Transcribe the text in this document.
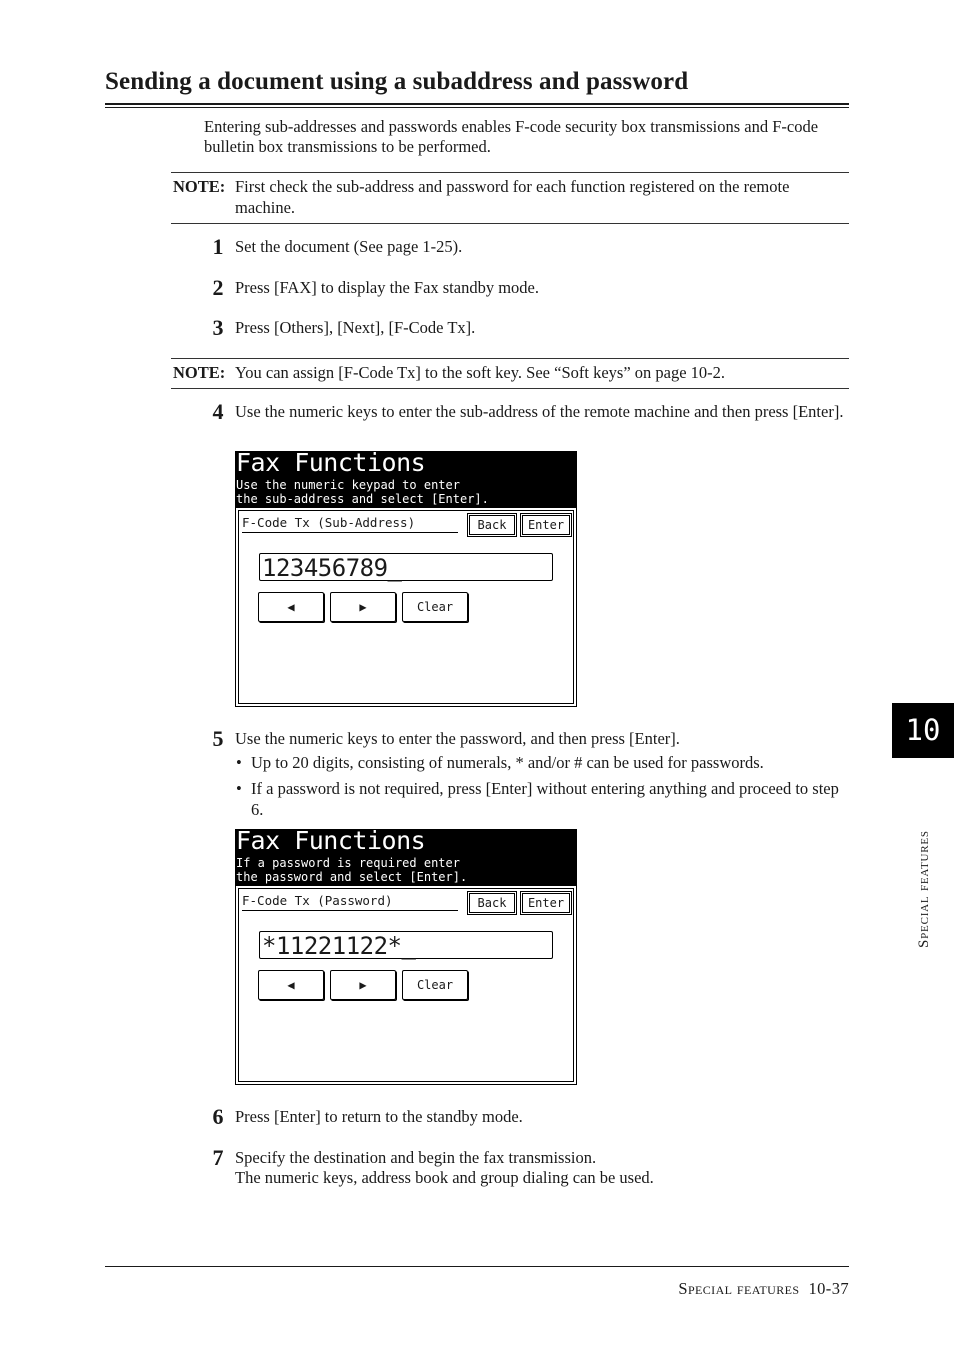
Sending a document using a subaddress and password
Entering sub-addresses and passwords enables F-code security box transmissions and F-code bulletin box transmissions to be performed.
NOTE: First check the sub-address and password for each function registered on the remote machine.
1 Set the document (See page 1-25).
2 Press [FAX] to display the Fax standby mode.
3 Press [Others], [Next], [F-Code Tx].
NOTE: You can assign [F-Code Tx] to the soft key. See “Soft keys” on page 10-2.
4 Use the numeric keys to enter the sub-address of the remote machine and then press [Enter].
Fax Functions
Use the numeric keypad to enter
the sub-address and select [Enter].
F-Code Tx (Sub-Address)	Back	Enter
123456789_
◀	▶	Clear
5 Use the numeric keys to enter the password, and then press [Enter].
• Up to 20 digits, consisting of numerals, * and/or # can be used for passwords.
• If a password is not required, press [Enter] without entering anything and proceed to step 6.
Fax Functions
If a password is required enter
the password and select [Enter].
F-Code Tx (Password)	Back	Enter
*11221122*_
◀	▶	Clear
6 Press [Enter] to return to the standby mode.
7 Specify the destination and begin the fax transmission.
The numeric keys, address book and group dialing can be used.
10
Special features
Special features 10-37
